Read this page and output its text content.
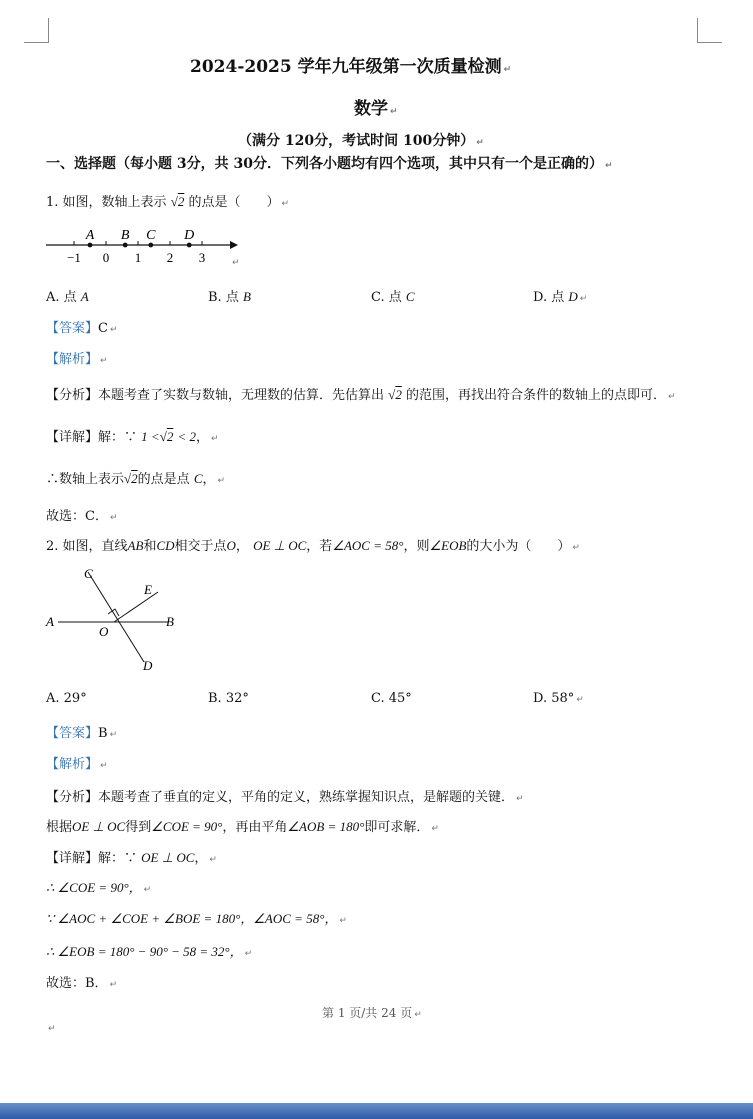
2024-2025 学年九年级第一次质量检测 ↵
数学 ↵
（满分 120分，考试时间 100分钟） ↵
一、选择题（每小题 3分，共 30分．下列各小题均有四个选项，其中只有一个是正确的） ↵
1. 如图，数轴上表示 √2 的点是（　　） ↵
−1 0 1 2 3
A B C D
↵
A. 点 A	B. 点 B	C. 点 C	D. 点 D ↵
【答案】C ↵
【解析】 ↵
【分析】本题考查了实数与数轴，无理数的估算．先估算出 √2 的范围，再找出符合条件的数轴上的点即可． ↵
【详解】解：∵ 1 <√2 < 2， ↵
∴数轴上表示√2的点是点 C， ↵
故选：C． ↵
2. 如图，直线AB和CD相交于点O， OE ⊥ OC，若∠AOC = 58°，则∠EOB的大小为（　　） ↵
C
E
A	B
O
D
A. 29°	B. 32°	C. 45°	D. 58° ↵
【答案】B ↵
【解析】 ↵
【分析】本题考查了垂直的定义，平角的定义，熟练掌握知识点，是解题的关键． ↵
根据OE ⊥ OC得到∠COE = 90°，再由平角∠AOB = 180°即可求解． ↵
【详解】解：∵ OE ⊥ OC， ↵
∴ ∠COE = 90°， ↵
∵ ∠AOC + ∠COE + ∠BOE = 180°，∠AOC = 58°， ↵
∴ ∠EOB = 180° − 90° − 58 = 32°， ↵
故选：B． ↵
第 1 页/共 24 页 ↵
↵
